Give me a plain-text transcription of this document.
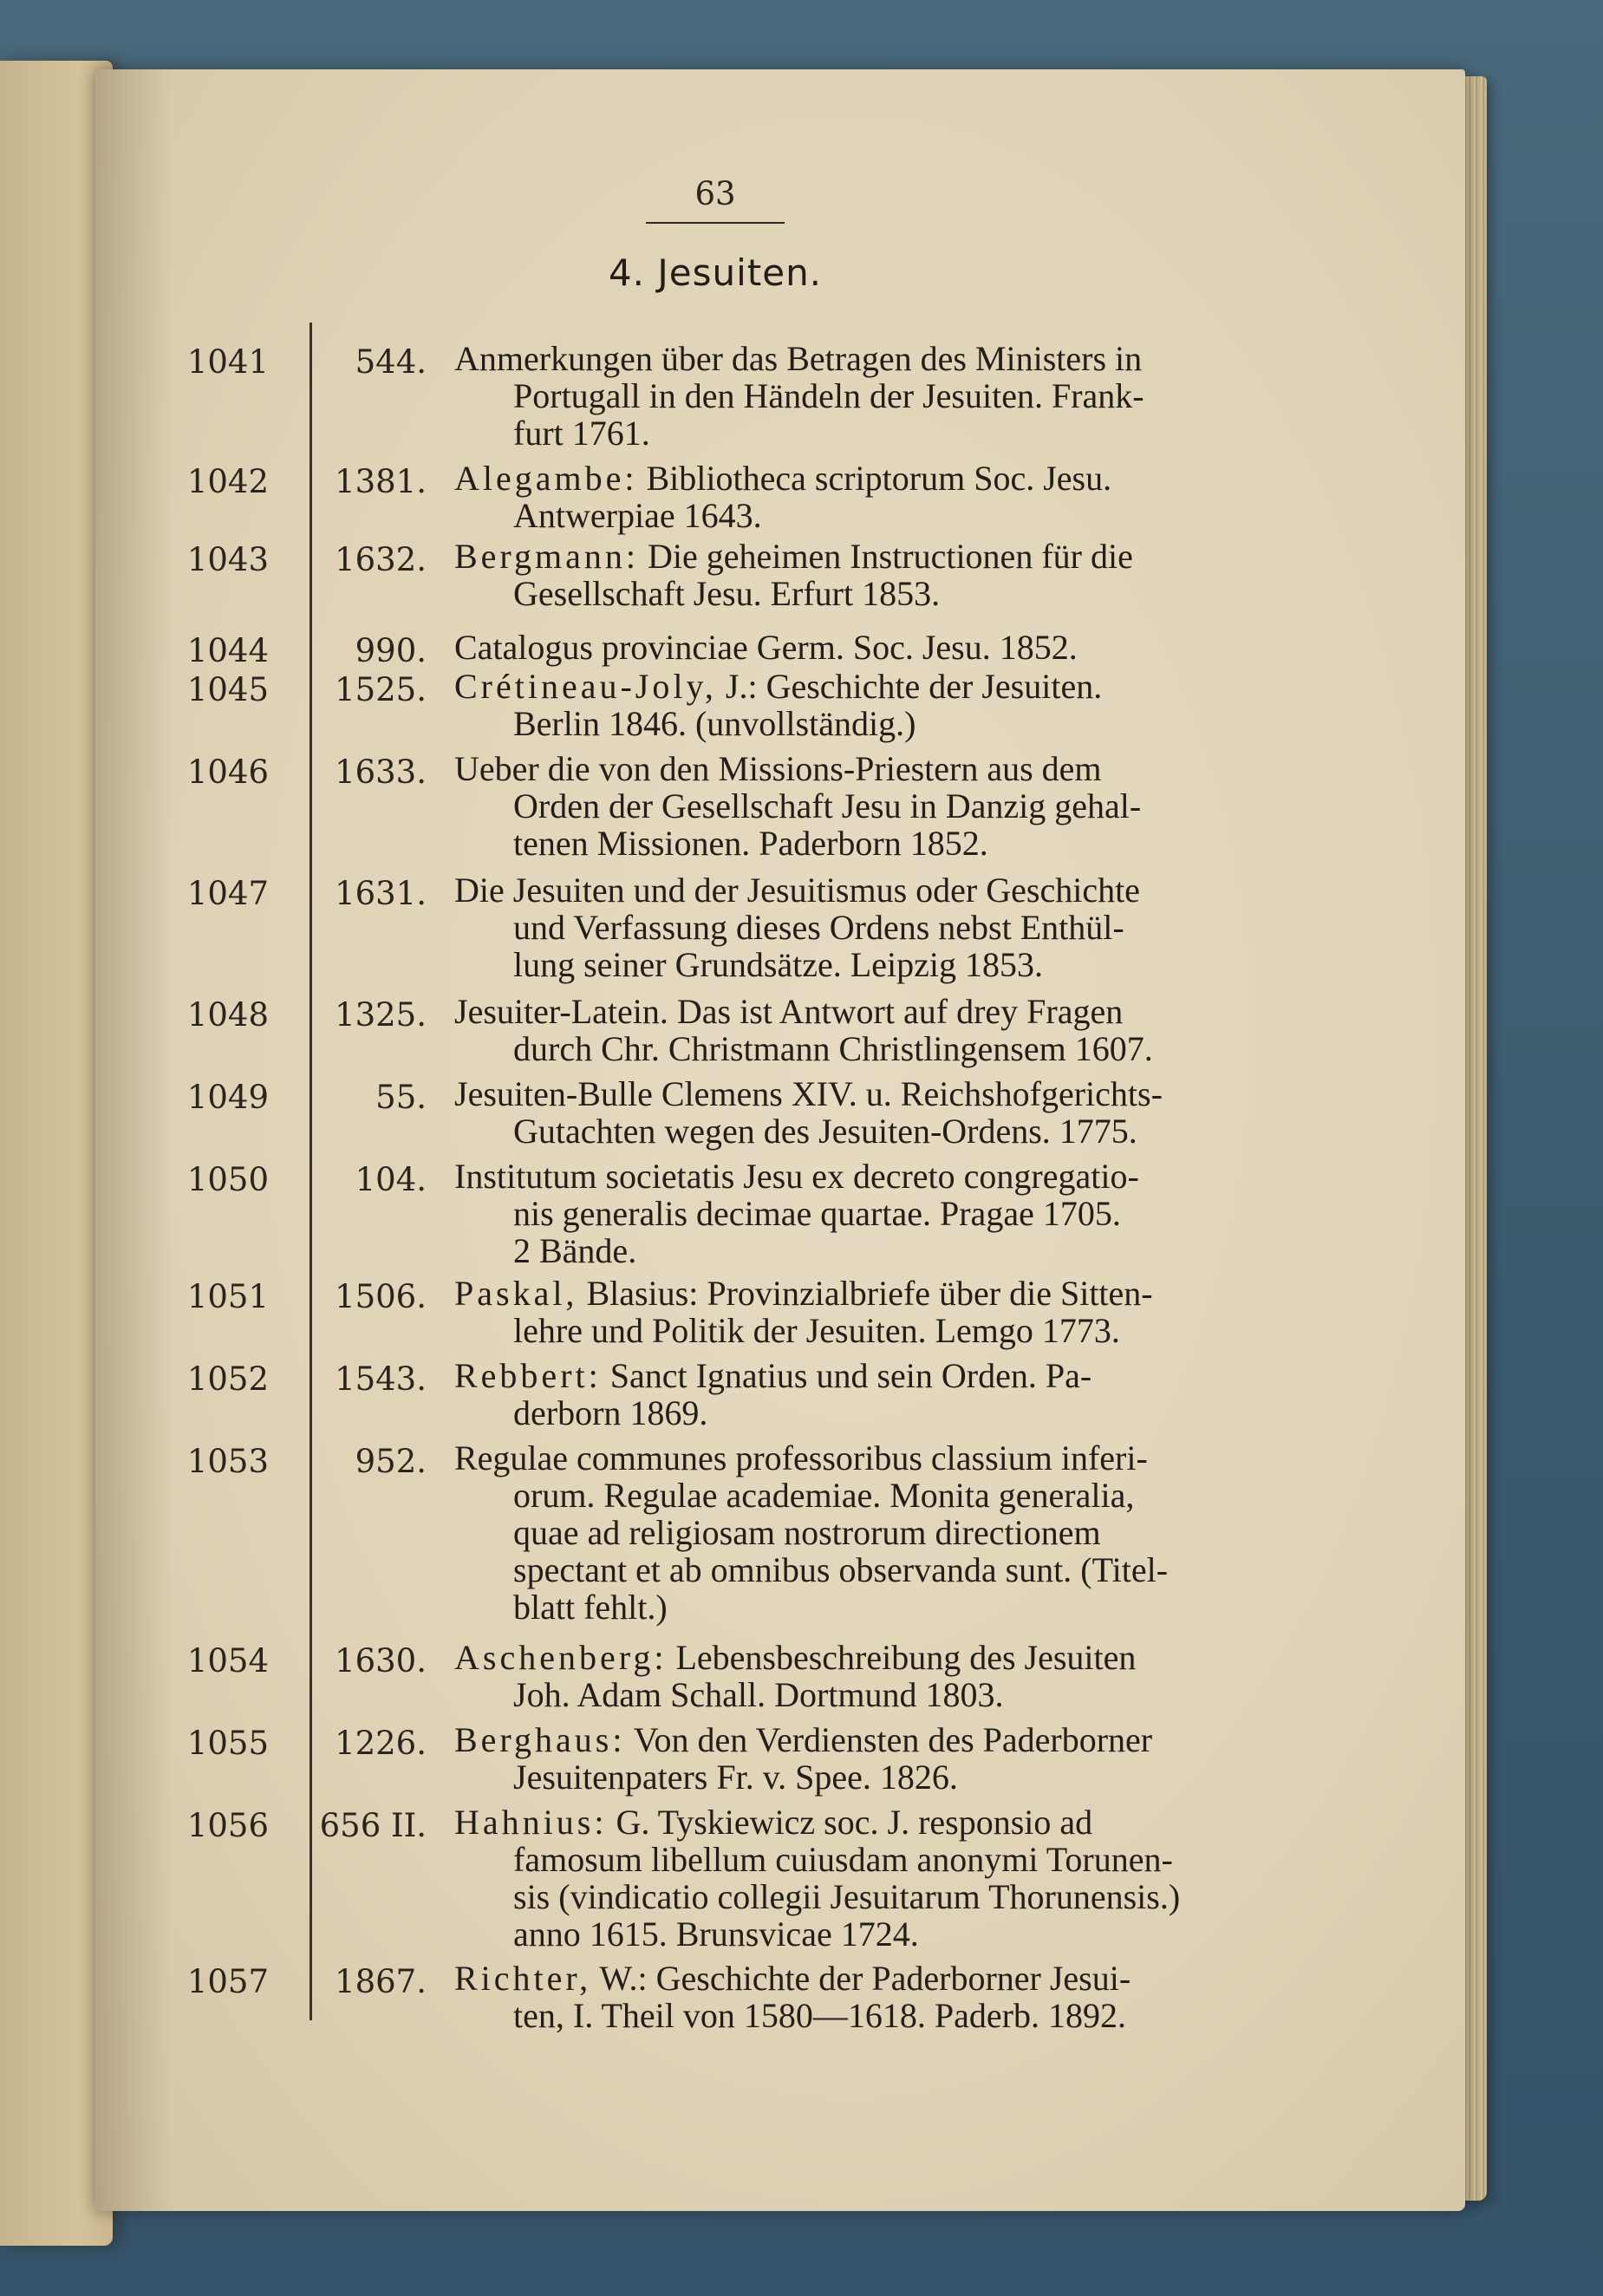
63
4. Jesuiten.
1041	544. Anmerkungen über das Betragen des Ministers in
Portugall in den Händeln der Jesuiten. Frank-
furt 1761.
1042	1381. Alegambe: Bibliotheca scriptorum Soc. Jesu.
Antwerpiae 1643.
1043	1632. Bergmann: Die geheimen Instructionen für die
Gesellschaft Jesu. Erfurt 1853.
1044	990. Catalogus provinciae Germ. Soc. Jesu. 1852.
1045	1525. Crétineau-Joly, J.: Geschichte der Jesuiten.
Berlin 1846. (unvollständig.)
1046	1633. Ueber die von den Missions-Priestern aus dem
Orden der Gesellschaft Jesu in Danzig gehal-
tenen Missionen. Paderborn 1852.
1047	1631. Die Jesuiten und der Jesuitismus oder Geschichte
und Verfassung dieses Ordens nebst Enthül-
lung seiner Grundsätze. Leipzig 1853.
1048	1325. Jesuiter-Latein. Das ist Antwort auf drey Fragen
durch Chr. Christmann Christlingensem 1607.
1049	55. Jesuiten-Bulle Clemens XIV. u. Reichshofgerichts-
Gutachten wegen des Jesuiten-Ordens. 1775.
1050	104. Institutum societatis Jesu ex decreto congregatio-
nis generalis decimae quartae. Pragae 1705.
2 Bände.
1051	1506. Paskal, Blasius: Provinzialbriefe über die Sitten-
lehre und Politik der Jesuiten. Lemgo 1773.
1052	1543. Rebbert: Sanct Ignatius und sein Orden. Pa-
derborn 1869.
1053	952. Regulae communes professoribus classium inferi-
orum. Regulae academiae. Monita generalia,
quae ad religiosam nostrorum directionem
spectant et ab omnibus observanda sunt. (Titel-
blatt fehlt.)
1054	1630. Aschenberg: Lebensbeschreibung des Jesuiten
Joh. Adam Schall. Dortmund 1803.
1055	1226. Berghaus: Von den Verdiensten des Paderborner
Jesuitenpaters Fr. v. Spee. 1826.
1056	656 II. Hahnius: G. Tyskiewicz soc. J. responsio ad
famosum libellum cuiusdam anonymi Torunen-
sis (vindicatio collegii Jesuitarum Thorunensis.)
anno 1615. Brunsvicae 1724.
1057	1867. Richter, W.: Geschichte der Paderborner Jesui-
ten, I. Theil von 1580—1618. Paderb. 1892.
